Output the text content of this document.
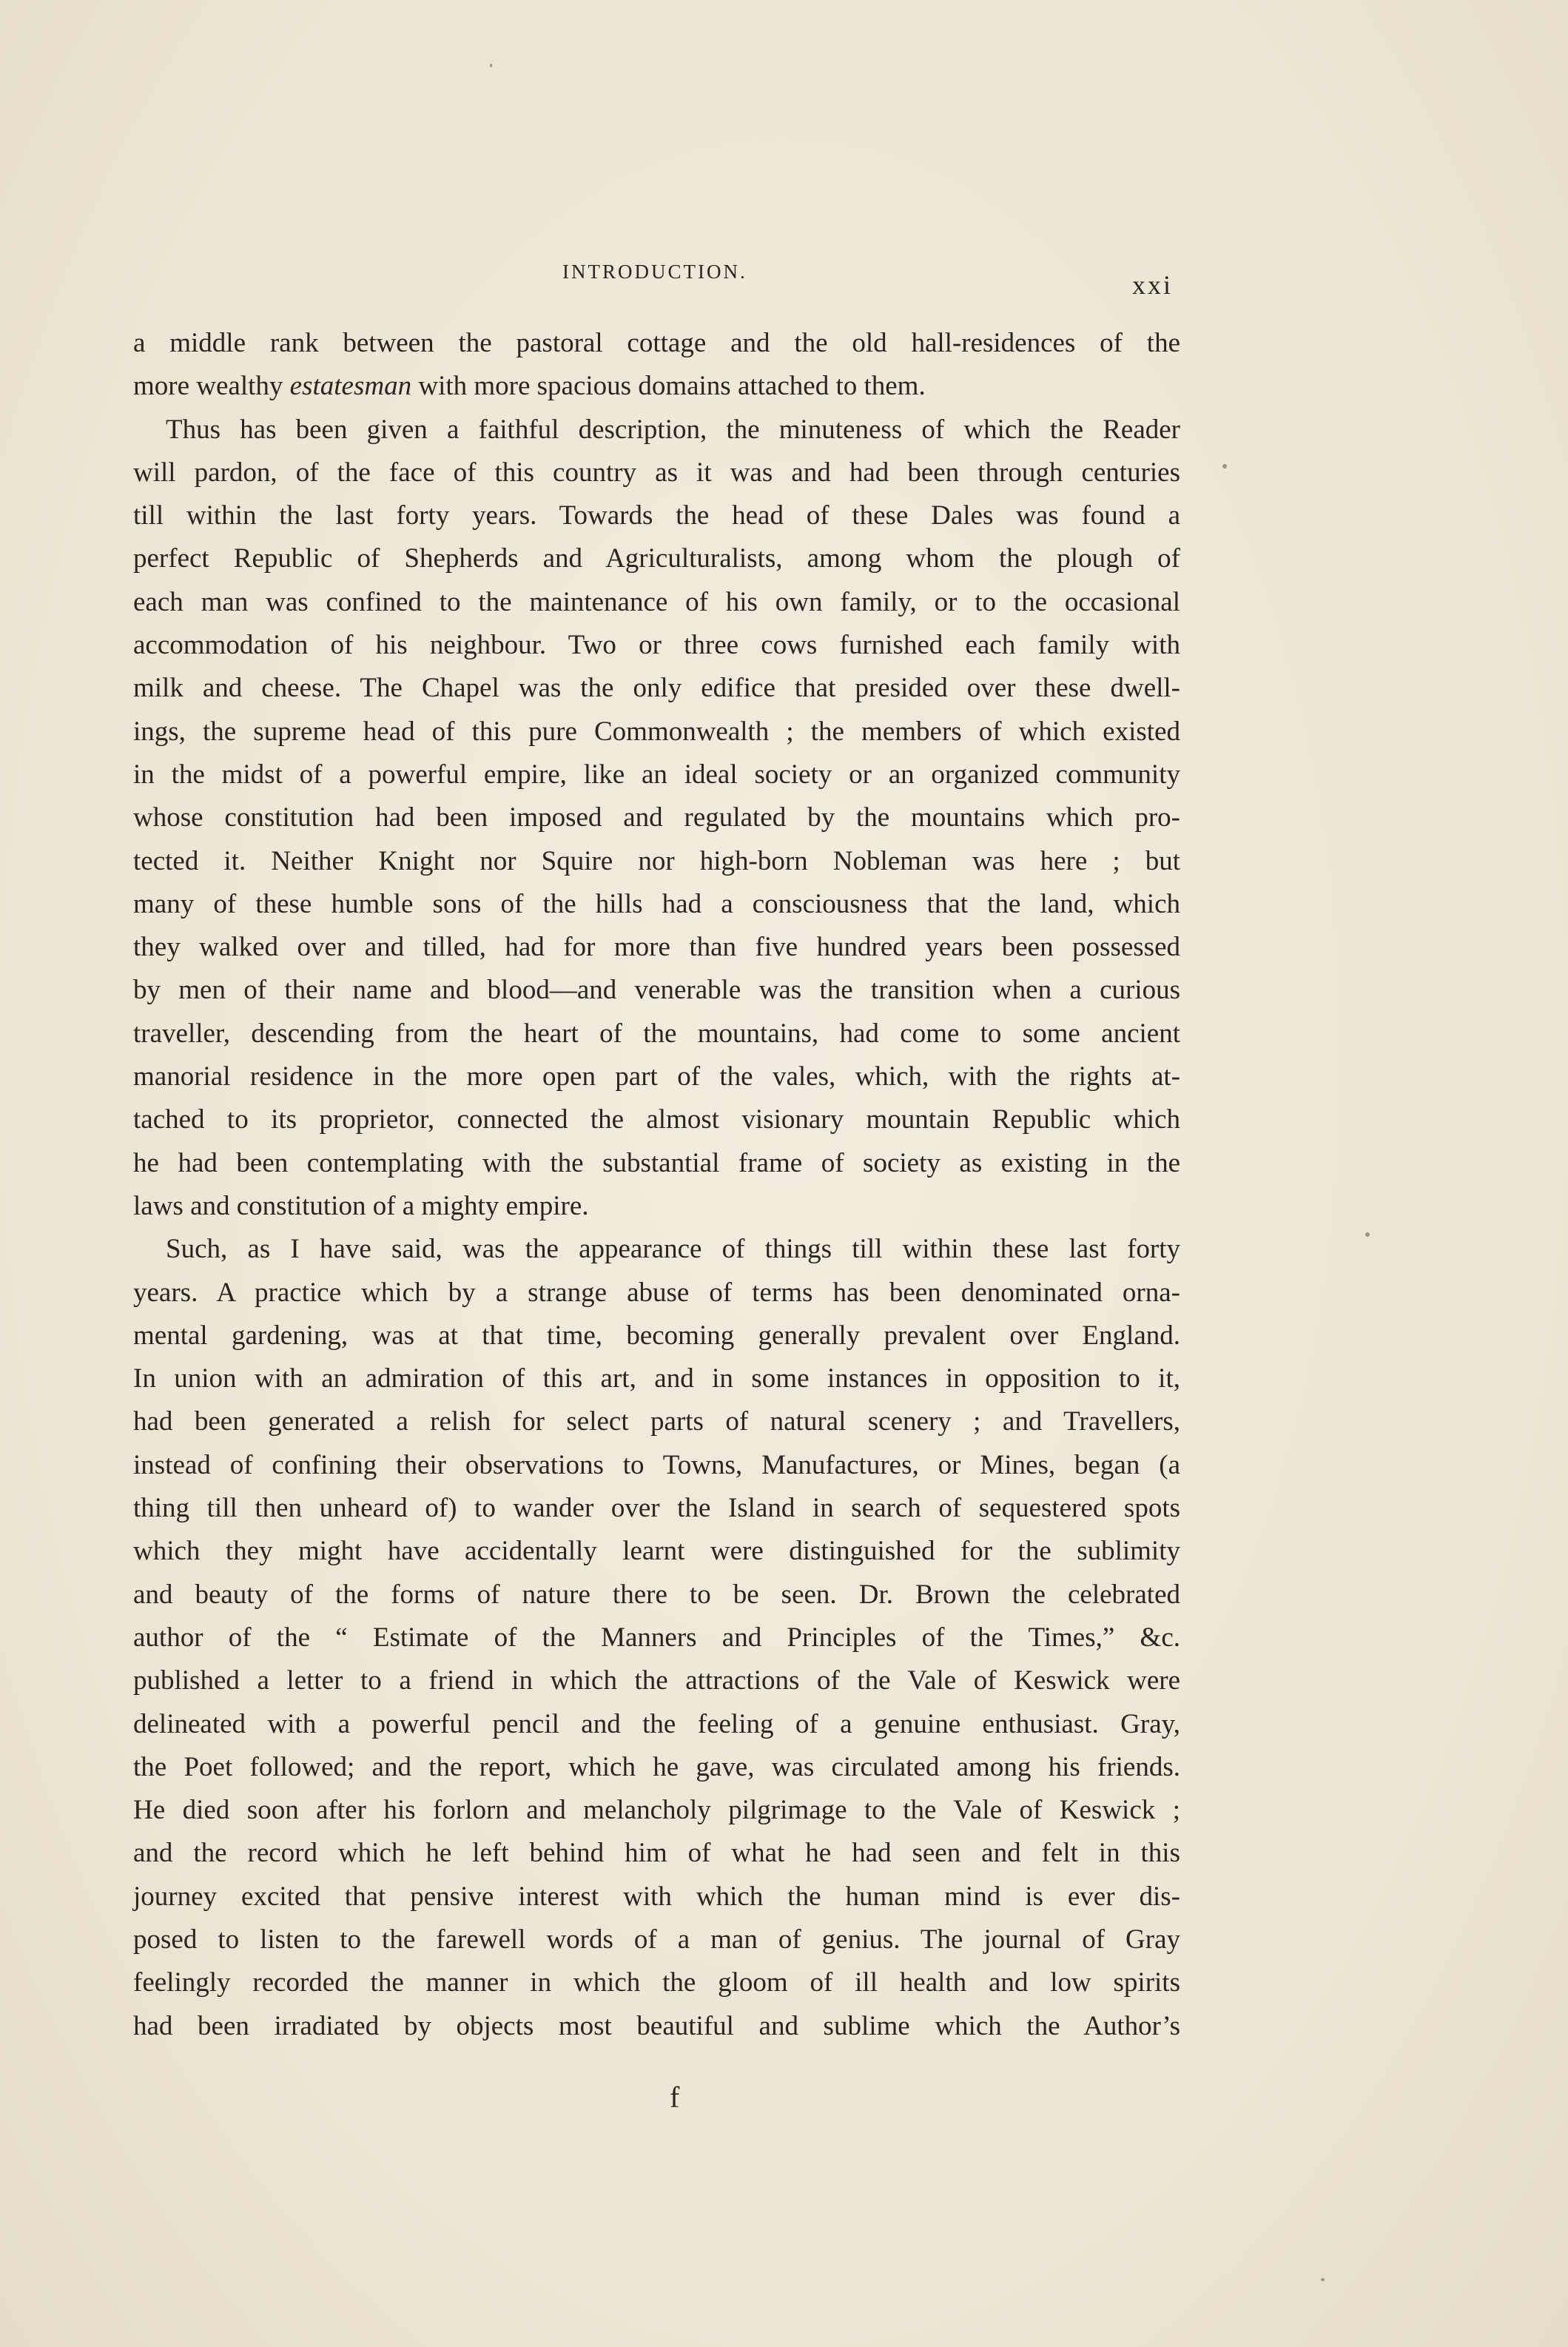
INTRODUCTION.	xxi
a middle rank between the pastoral cottage and the old hall-residences of the
more wealthy estatesman with more spacious domains attached to them.
Thus has been given a faithful description, the minuteness of which the Reader
will pardon, of the face of this country as it was and had been through centuries
till within the last forty years. Towards the head of these Dales was found a
perfect Republic of Shepherds and Agriculturalists, among whom the plough of
each man was confined to the maintenance of his own family, or to the occasional
accommodation of his neighbour. Two or three cows furnished each family with
milk and cheese. The Chapel was the only edifice that presided over these dwell-
ings, the supreme head of this pure Commonwealth ; the members of which existed
in the midst of a powerful empire, like an ideal society or an organized community
whose constitution had been imposed and regulated by the mountains which pro-
tected it. Neither Knight nor Squire nor high-born Nobleman was here ; but
many of these humble sons of the hills had a consciousness that the land, which
they walked over and tilled, had for more than five hundred years been possessed
by men of their name and blood—and venerable was the transition when a curious
traveller, descending from the heart of the mountains, had come to some ancient
manorial residence in the more open part of the vales, which, with the rights at-
tached to its proprietor, connected the almost visionary mountain Republic which
he had been contemplating with the substantial frame of society as existing in the
laws and constitution of a mighty empire.
Such, as I have said, was the appearance of things till within these last forty
years. A practice which by a strange abuse of terms has been denominated orna-
mental gardening, was at that time, becoming generally prevalent over England.
In union with an admiration of this art, and in some instances in opposition to it,
had been generated a relish for select parts of natural scenery ; and Travellers,
instead of confining their observations to Towns, Manufactures, or Mines, began (a
thing till then unheard of) to wander over the Island in search of sequestered spots
which they might have accidentally learnt were distinguished for the sublimity
and beauty of the forms of nature there to be seen. Dr. Brown the celebrated
author of the “ Estimate of the Manners and Principles of the Times,” &c.
published a letter to a friend in which the attractions of the Vale of Keswick were
delineated with a powerful pencil and the feeling of a genuine enthusiast. Gray,
the Poet followed; and the report, which he gave, was circulated among his friends.
He died soon after his forlorn and melancholy pilgrimage to the Vale of Keswick ;
and the record which he left behind him of what he had seen and felt in this
journey excited that pensive interest with which the human mind is ever dis-
posed to listen to the farewell words of a man of genius. The journal of Gray
feelingly recorded the manner in which the gloom of ill health and low spirits
had been irradiated by objects most beautiful and sublime which the Author’s
f
